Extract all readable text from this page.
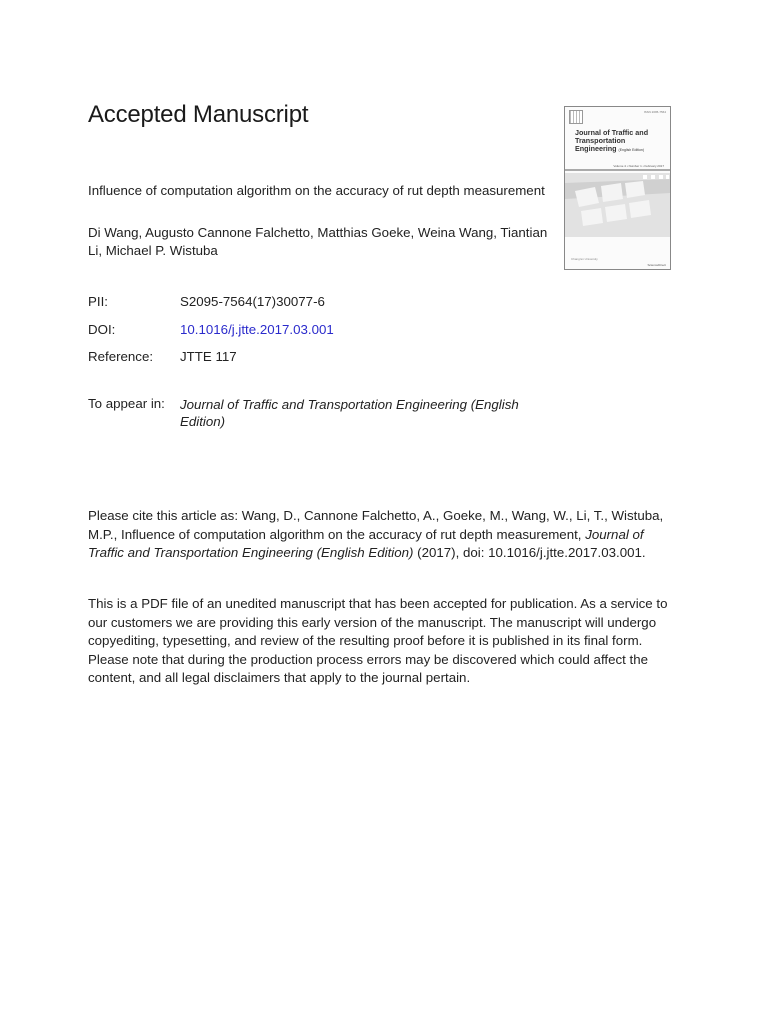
Accepted Manuscript	ISSN 2095-7564
Journal of Traffic and Transportation Engineering (English Edition)
Volume 4 • Number 1 • February 2017
Chang'an University
ScienceDirect
Influence of computation algorithm on the accuracy of rut depth measurement
Di Wang, Augusto Cannone Falchetto, Matthias Goeke, Weina Wang, Tiantian Li, Michael P. Wistuba
PII:	S2095-7564(17)30077-6
DOI:	10.1016/j.jtte.2017.03.001
Reference: JTTE 117
To appear in: Journal of Traffic and Transportation Engineering (English Edition)
Please cite this article as: Wang, D., Cannone Falchetto, A., Goeke, M., Wang, W., Li, T., Wistuba, M.P., Influence of computation algorithm on the accuracy of rut depth measurement, Journal of Traffic and Transportation Engineering (English Edition) (2017), doi: 10.1016/j.jtte.2017.03.001.
This is a PDF file of an unedited manuscript that has been accepted for publication. As a service to our customers we are providing this early version of the manuscript. The manuscript will undergo copyediting, typesetting, and review of the resulting proof before it is published in its final form. Please note that during the production process errors may be discovered which could affect the content, and all legal disclaimers that apply to the journal pertain.
